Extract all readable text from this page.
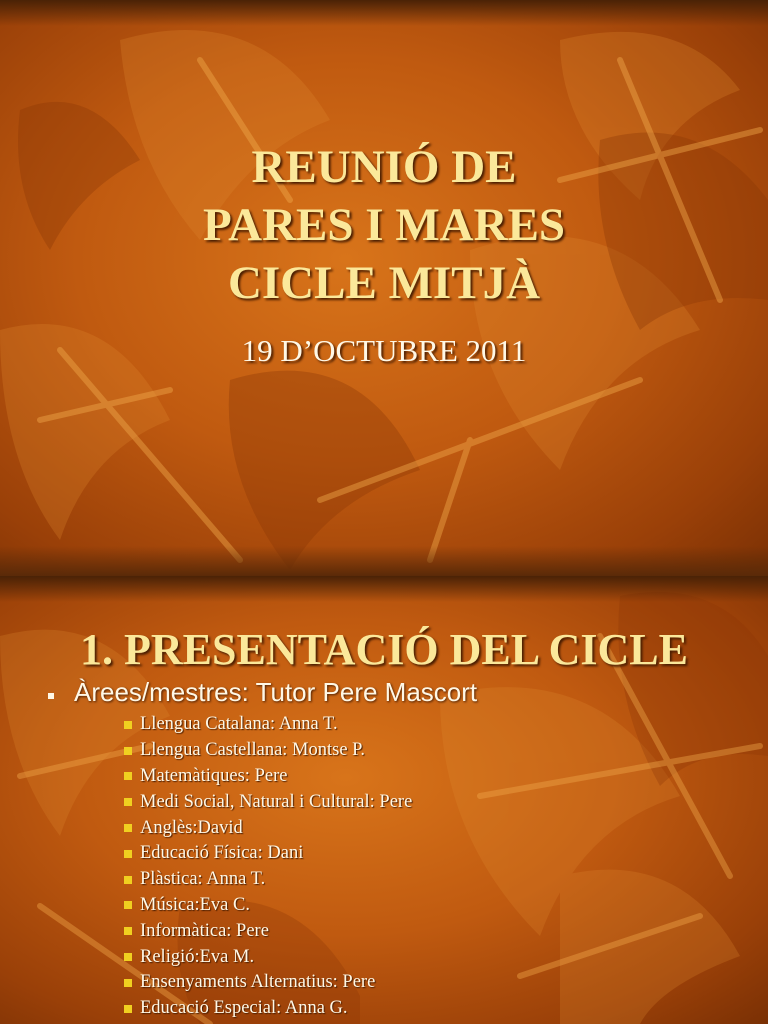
REUNIÓ DE
PARES I MARES
CICLE MITJÀ
19 D’OCTUBRE 2011
1. PRESENTACIÓ DEL CICLE
Àrees/mestres: Tutor Pere Mascort
Llengua Catalana: Anna T.
Llengua Castellana: Montse P.
Matemàtiques: Pere
Medi Social, Natural i Cultural: Pere
Anglès:David
Educació Física: Dani
Plàstica: Anna T.
Música:Eva C.
Informàtica: Pere
Religió:Eva M.
Ensenyaments Alternatius: Pere
Educació Especial: Anna G.
